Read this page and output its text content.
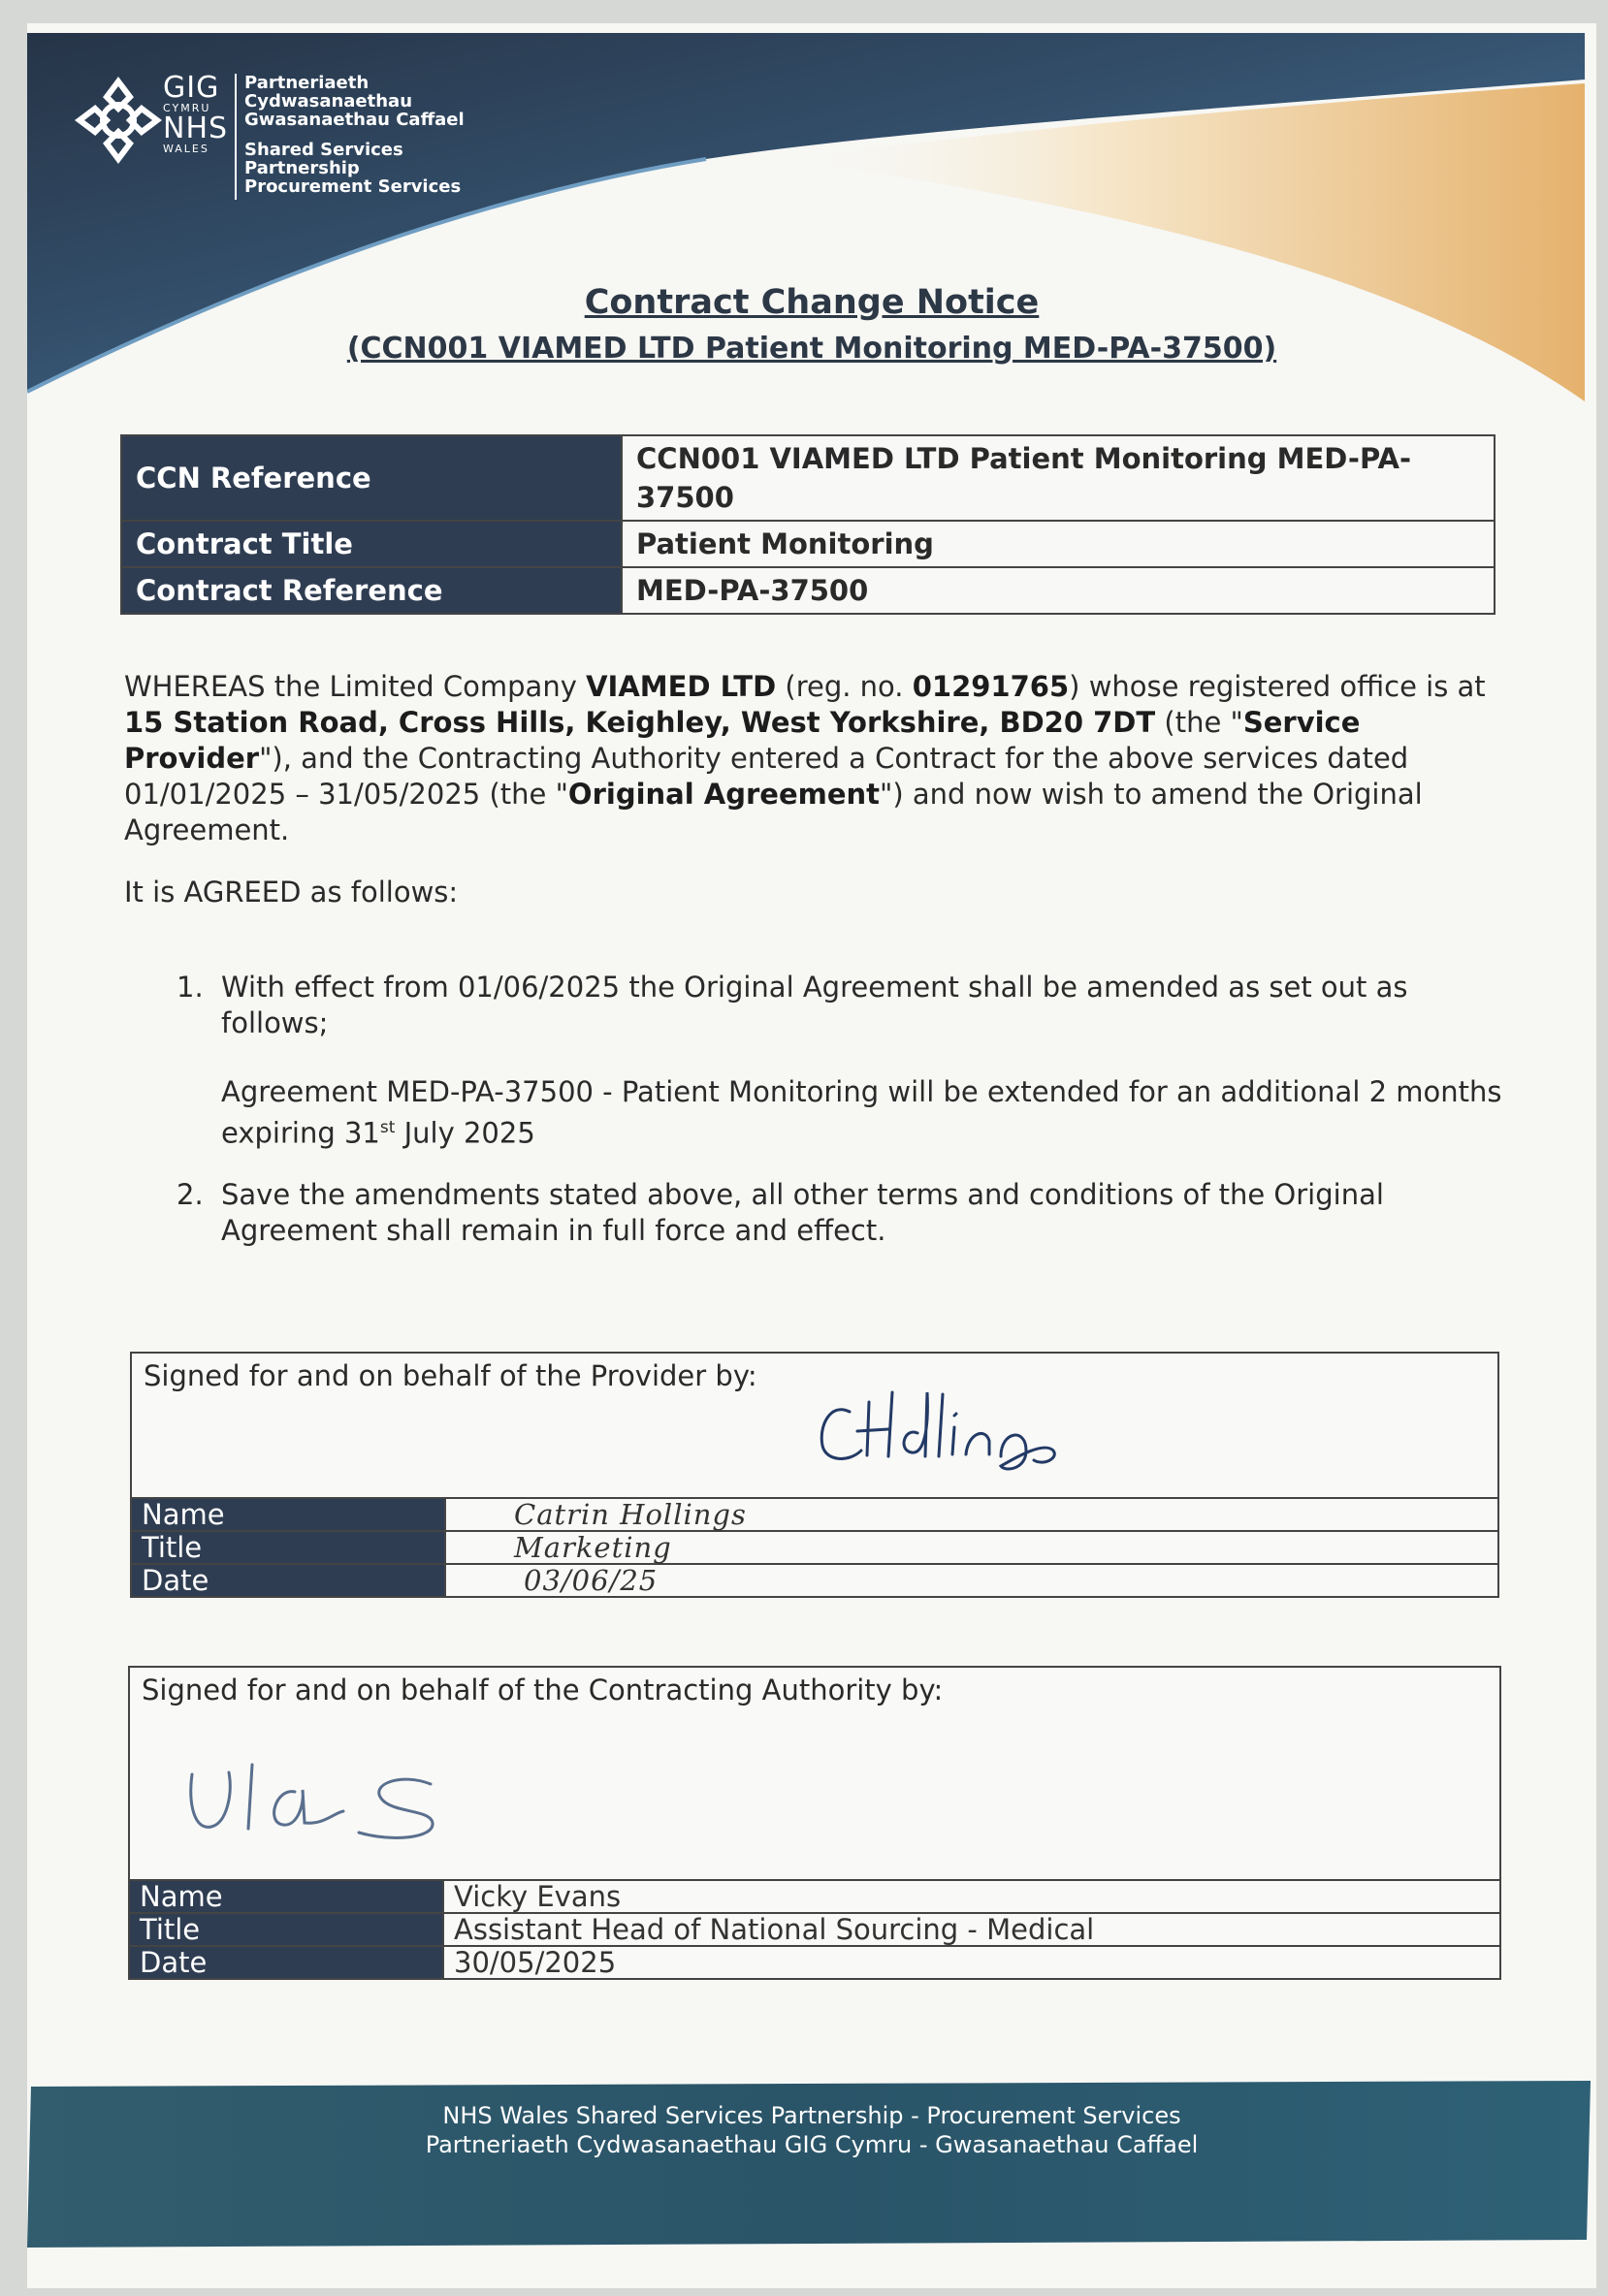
GIG
CYMRU
NHS
WALES
Partneriaeth
Cydwasanaethau
Gwasanaethau Caffael
Shared Services
Partnership
Procurement Services
Contract Change Notice
(CCN001 VIAMED LTD Patient Monitoring MED-PA-37500)
CCN Reference	CCN001 VIAMED LTD Patient Monitoring MED-PA-37500
Contract Title	Patient Monitoring
Contract Reference	MED-PA-37500
WHEREAS the Limited Company VIAMED LTD (reg. no. 01291765) whose registered office is at 15 Station Road, Cross Hills, Keighley, West Yorkshire, BD20 7DT (the "Service Provider"), and the Contracting Authority entered a Contract for the above services dated 01/01/2025 – 31/05/2025 (the "Original Agreement") and now wish to amend the Original Agreement.
It is AGREED as follows:
1. With effect from 01/06/2025 the Original Agreement shall be amended as set out as follows;
Agreement MED-PA-37500 - Patient Monitoring will be extended for an additional 2 months expiring 31st July 2025
2. Save the amendments stated above, all other terms and conditions of the Original Agreement shall remain in full force and effect.
Signed for and on behalf of the Provider by:
Name	Catrin Hollings
Title	Marketing
Date	03/06/25
Signed for and on behalf of the Contracting Authority by:
Name	Vicky Evans
Title	Assistant Head of National Sourcing - Medical
Date	30/05/2025
NHS Wales Shared Services Partnership - Procurement Services
Partneriaeth Cydwasanaethau GIG Cymru - Gwasanaethau Caffael
